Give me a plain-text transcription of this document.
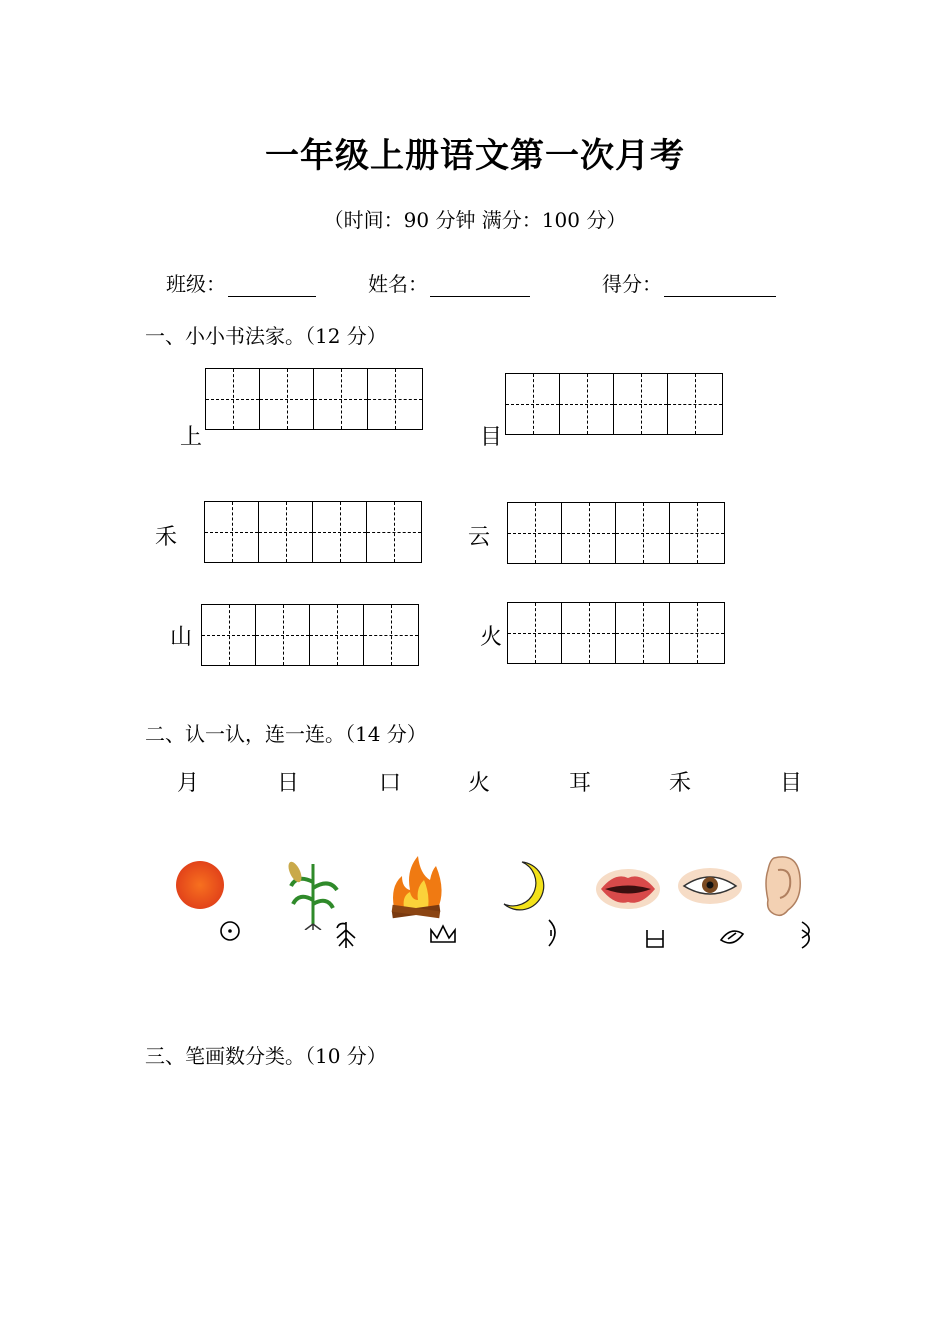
一年级上册语文第一次月考
（时间：90 分钟 满分：100 分）
班级：	姓名：	得分：
一、小小书法家。（12 分）
上	目
禾	云
山	火
二、认一认，连一连。（14 分）
月	日	口	火	耳	禾	目
三、笔画数分类。（10 分）
